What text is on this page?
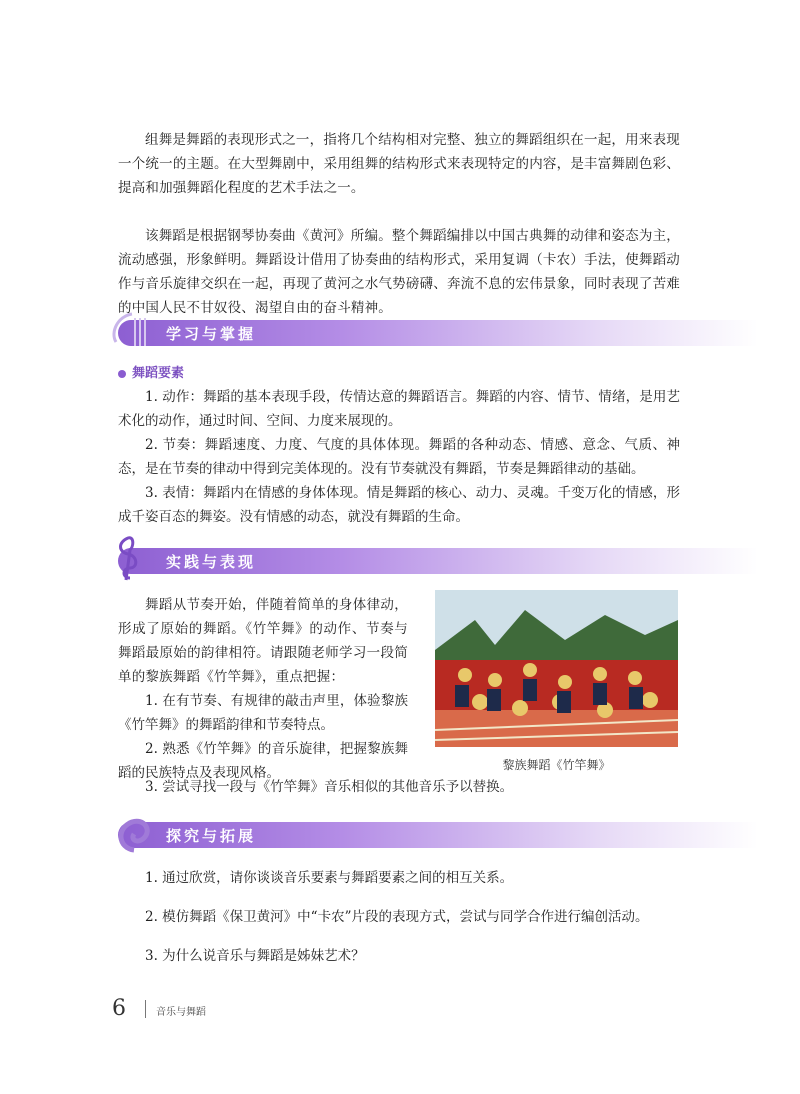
组舞是舞蹈的表现形式之一，指将几个结构相对完整、独立的舞蹈组织在一起，用来表现一个统一的主题。在大型舞剧中，采用组舞的结构形式来表现特定的内容，是丰富舞剧色彩、提高和加强舞蹈化程度的艺术手法之一。

该舞蹈是根据钢琴协奏曲《黄河》所编。整个舞蹈编排以中国古典舞的动律和姿态为主，流动感强，形象鲜明。舞蹈设计借用了协奏曲的结构形式，采用复调（卡农）手法，使舞蹈动作与音乐旋律交织在一起，再现了黄河之水气势磅礴、奔流不息的宏伟景象，同时表现了苦难的中国人民不甘奴役、渴望自由的奋斗精神。

学习与掌握
舞蹈要素

1. 动作：舞蹈的基本表现手段，传情达意的舞蹈语言。舞蹈的内容、情节、情绪，是用艺术化的动作，通过时间、空间、力度来展现的。

2. 节奏：舞蹈速度、力度、气度的具体体现。舞蹈的各种动态、情感、意念、气质、神态，是在节奏的律动中得到完美体现的。没有节奏就没有舞蹈，节奏是舞蹈律动的基础。

3. 表情：舞蹈内在情感的身体体现。情是舞蹈的核心、动力、灵魂。千变万化的情感，形成千姿百态的舞姿。没有情感的动态，就没有舞蹈的生命。

实践与表现

舞蹈从节奏开始，伴随着简单的身体律动，形成了原始的舞蹈。《竹竿舞》的动作、节奏与舞蹈最原始的韵律相符。请跟随老师学习一段简单的黎族舞蹈《竹竿舞》，重点把握：

1. 在有节奏、有规律的敲击声里，体验黎族《竹竿舞》的舞蹈韵律和节奏特点。

2. 熟悉《竹竿舞》的音乐旋律，把握黎族舞蹈的民族特点及表现风格。

3. 尝试寻找一段与《竹竿舞》音乐相似的其他音乐予以替换。

黎族舞蹈《竹竿舞》
探究与拓展

1. 通过欣赏，请你谈谈音乐要素与舞蹈要素之间的相互关系。

2. 模仿舞蹈《保卫黄河》中“卡农”片段的表现方式，尝试与同学合作进行编创活动。

3. 为什么说音乐与舞蹈是姊妹艺术？

6	音乐与舞蹈
